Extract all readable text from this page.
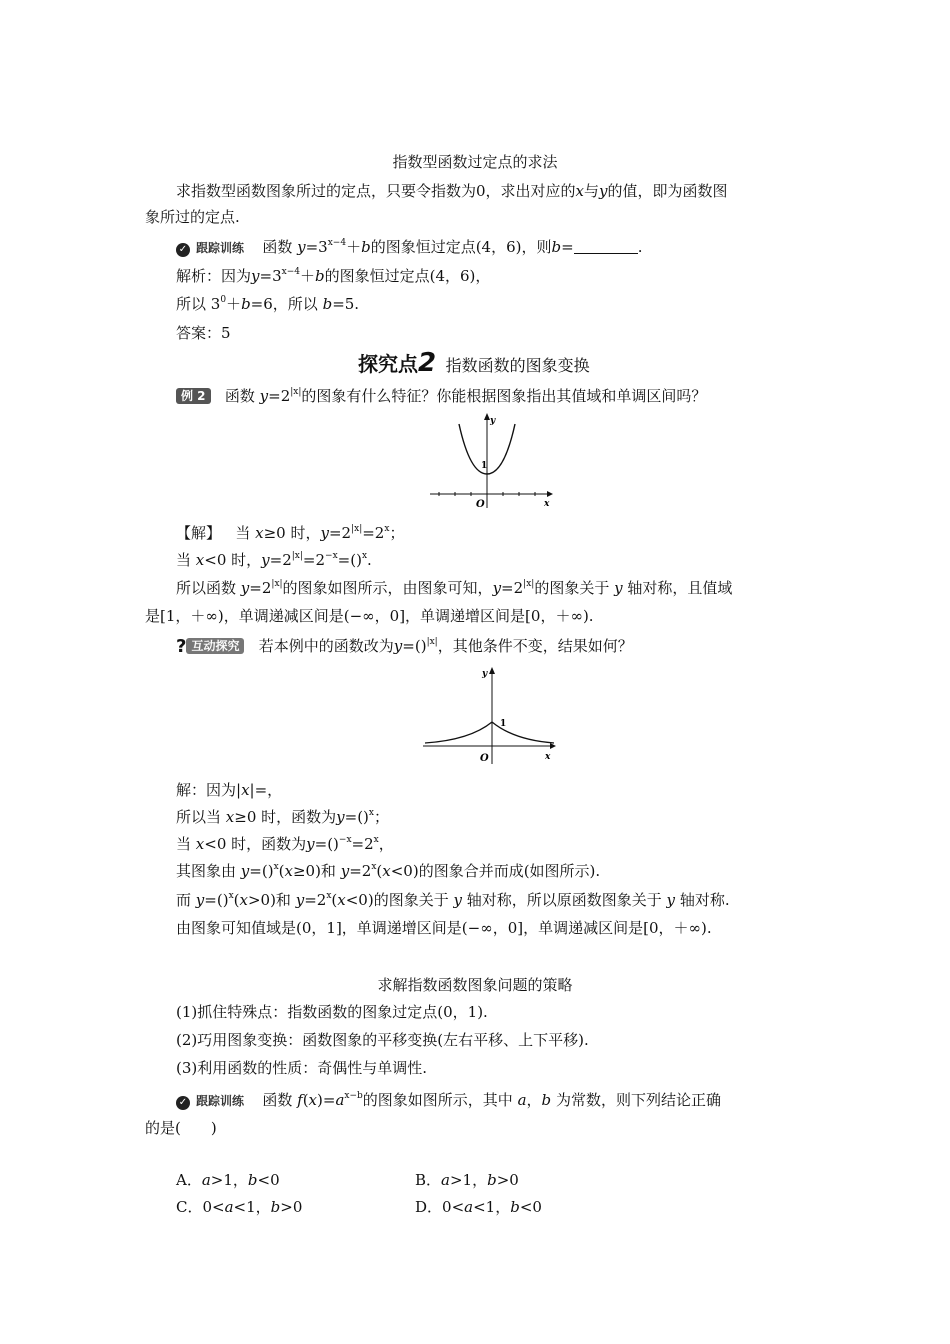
指数型函数过定点的求法
求指数型函数图象所过的定点，只要令指数为0，求出对应的x与y的值，即为函数图
象所过的定点.
✓ 跟踪训练 函数 $y=3^{x-4}+b$的图象恒过定点(4，6)，则b=	.
解析：因为$y=3^{x-4}+b$的图象恒过定点(4，6)，
所以 $3^0+b=6$，所以 b=5.
答案：5
探究点2 指数函数的图象变换
例 2 函数 $y=2^{|x|}$的图象有什么特征？你能根据图象指出其值域和单调区间吗？
y
x
O
1
【解】 当 x≥0 时，$y=2^{|x|}=2^x$；
当 x<0 时，$y=2^{|x|}=2^{-x}=()^x$.
所以函数 $y=2^{|x|}$的图象如图所示，由图象可知，$y=2^{|x|}$的图象关于 y 轴对称，且值域
是[1，＋∞)，单调递减区间是(−∞，0]，单调递增区间是[0，＋∞).
? 互动探究 若本例中的函数改为y=()$^{|x|}$，其他条件不变，结果如何？
y
x
O
1
解：因为|x|=，
所以当 x≥0 时，函数为y=()$^x$；
当 x<0 时，函数为$y=()^{-x}=2^x$，
其图象由 y=()$^x$(x≥0)和 $y=2^x(x<0)$的图象合并而成(如图所示).
而 y=()$^x$(x>0)和 $y=2^x(x<0)$的图象关于 y 轴对称，所以原函数图象关于 y 轴对称.
由图象可知值域是(0，1]，单调递增区间是(−∞，0]，单调递减区间是[0，＋∞).
求解指数函数图象问题的策略
(1)抓住特殊点：指数函数的图象过定点(0，1).
(2)巧用图象变换：函数图象的平移变换(左右平移、上下平移).
(3)利用函数的性质：奇偶性与单调性.
✓ 跟踪训练 函数 $f(x)=a^{x-b}$的图象如图所示，其中 a，b 为常数，则下列结论正确
的是(　　)
A．a>1，b<0	B．a>1，b>0
C．0<a<1，b>0	D．0<a<1，b<0
